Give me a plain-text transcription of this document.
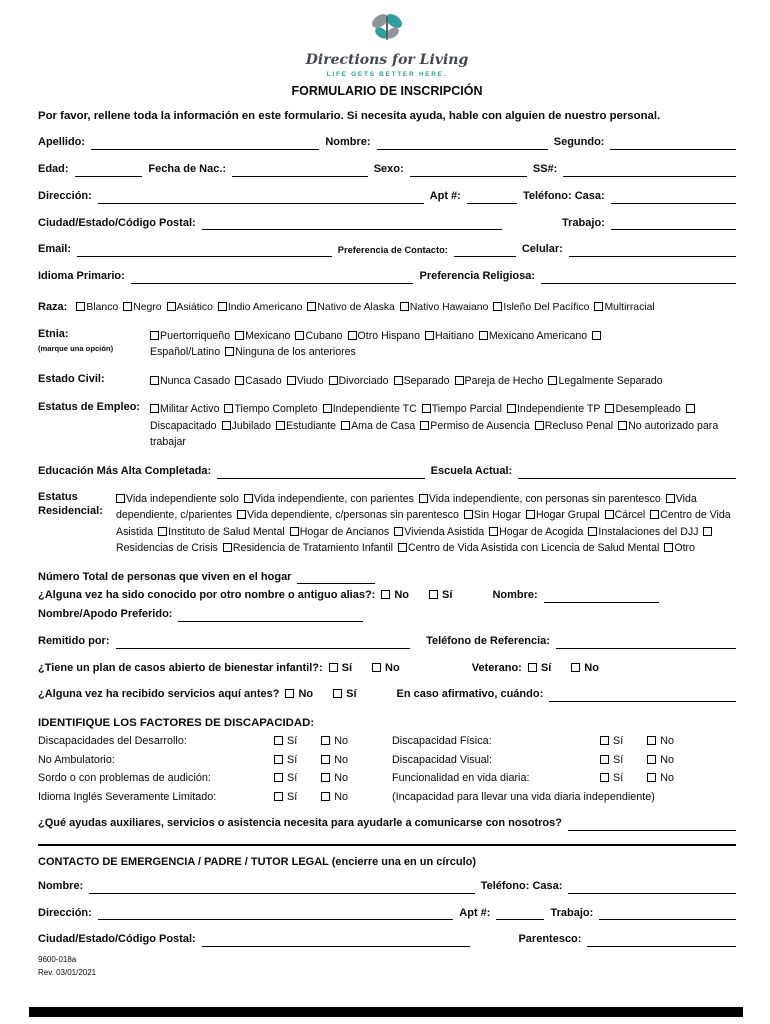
Directions for Living
LIFE GETS BETTER HERE.
FORMULARIO DE INSCRIPCIÓN
Por favor, rellene toda la información en este formulario. Si necesita ayuda, hable con alguien de nuestro personal.
Apellido:	Nombre:	Segundo:
Edad:	Fecha de Nac.:	Sexo:	SS#:
Dirección:	Apt #:	Teléfono: Casa:
Ciudad/Estado/Código Postal:	Trabajo:
Email:	Preferencia de Contacto:	Celular:
Idioma Primario:	Preferencia Religiosa:
Raza: Blanco Negro Asiático Indio Americano Nativo de Alaska Nativo Hawaiano Isleño Del Pacífico Multirracial
Etnia:
(marque una opción)
Puertorriqueño Mexicano Cubano Otro Hispano Haitiano Mexicano AmericanoEspañol/Latino Ninguna de los anteriores
Estado Civil:	Nunca Casado Casado Viudo Divorciado Separado Pareja de Hecho Legalmente Separado
Estatus de Empleo:	Militar Activo Tiempo Completo Independiente TC Tiempo Parcial Independiente TP DesempleadoDiscapacitado Jubilado Estudiante Ama de Casa Permiso de Ausencia Recluso Penal No autorizado para trabajar
Educación Más Alta Completada:	Escuela Actual:
Estatus Residencial:
Vida independiente solo Vida independiente, con parientes Vida independiente, con personas sin parentesco Vida dependiente, c/parientes Vida dependiente, c/personas sin parentesco Sin Hogar Hogar Grupal Cárcel Centro de Vida Asistida Instituto de Salud Mental Hogar de Ancianos Vivienda Asistida Hogar de Acogida Instalaciones del DJJResidencias de Crisis Residencia de Tratamiento Infantil Centro de Vida Asistida con Licencia de Salud Mental Otro
Número Total de personas que viven en el hogar
¿Alguna vez ha sido conocido por otro nombre o antiguo alias?:	No	Sí	Nombre:
Nombre/Apodo Preferido:
Remitido por:	Teléfono de Referencia:
¿Tiene un plan de casos abierto de bienestar infantil?:	Sí	No	Veterano:	Sí	No
¿Alguna vez ha recibido servicios aquí antes?	No	Sí	En caso afirmativo, cuándo:
IDENTIFIQUE LOS FACTORES DE DISCAPACIDAD:
Discapacidades del Desarrollo:	Sí	No	Discapacidad Física:	Sí	No
No Ambulatorio:	Sí	No	Discapacidad Visual:	Sí	No
Sordo o con problemas de audición:	Sí	No	Funcionalidad en vida diaria:	Sí	No
Idioma Inglés Severamente Limitado:	Sí	No	(Incapacidad para llevar una vida diaria independiente)
¿Qué ayudas auxiliares, servicios o asistencia necesita para ayudarle a comunicarse con nosotros?
CONTACTO DE EMERGENCIA / PADRE / TUTOR LEGAL (encierre una en un círculo)
Nombre:	Teléfono: Casa:
Dirección:	Apt #:	Trabajo:
Ciudad/Estado/Código Postal:	Parentesco:
9600-018a
Rev. 03/01/2021
